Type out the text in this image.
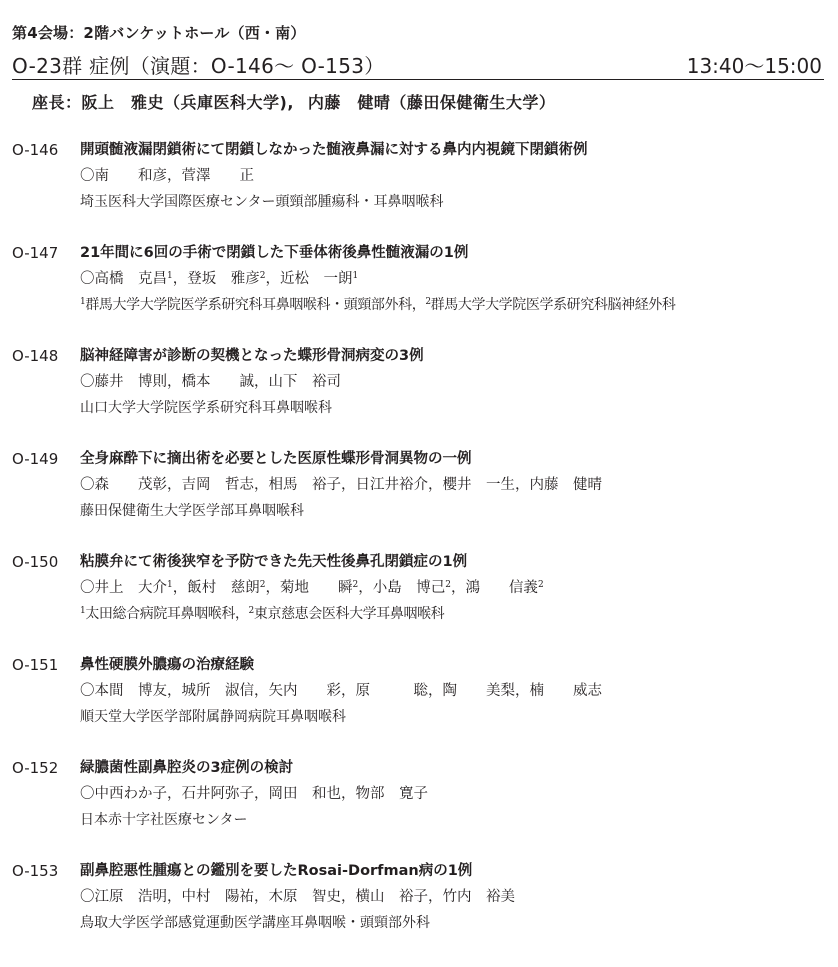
第4会場：2階バンケットホール（西・南）
O-23群 症例（演題：O-146〜 O-153）	13:40〜15:00
座長：阪上　雅史（兵庫医科大学), 内藤　健晴（藤田保健衛生大学）
O-146 開頭髄液漏閉鎖術にて閉鎖しなかった髄液鼻漏に対する鼻内内視鏡下閉鎖術例
〇南　　和彦，菅澤　　正
埼玉医科大学国際医療センター頭頸部腫瘍科・耳鼻咽喉科
O-147 21年間に6回の手術で閉鎖した下垂体術後鼻性髄液漏の1例
〇高橋　克昌$^1$，登坂　雅彦$^2$，近松　一朗$^1$
$^1$群馬大学大学院医学系研究科耳鼻咽喉科・頭頸部外科，$^2$群馬大学大学院医学系研究科脳神経外科
O-148 脳神経障害が診断の契機となった蝶形骨洞病変の3例
〇藤井　博則，橋本　　誠，山下　裕司
山口大学大学院医学系研究科耳鼻咽喉科
O-149 全身麻酔下に摘出術を必要とした医原性蝶形骨洞異物の一例
〇森　　茂彰，吉岡　哲志，相馬　裕子，日江井裕介，櫻井　一生，内藤　健晴
藤田保健衛生大学医学部耳鼻咽喉科
O-150 粘膜弁にて術後狭窄を予防できた先天性後鼻孔閉鎖症の1例
〇井上　大介$^1$，飯村　慈朗$^2$，菊地　　瞬$^2$，小島　博己$^2$，鴻　　信義$^2$
$^1$太田総合病院耳鼻咽喉科，$^2$東京慈恵会医科大学耳鼻咽喉科
O-151 鼻性硬膜外膿瘍の治療経験
〇本間　博友，城所　淑信，矢内　　彩，原　　　聡，陶　　美梨，楠　　威志
順天堂大学医学部附属静岡病院耳鼻咽喉科
O-152 緑膿菌性副鼻腔炎の3症例の検討
〇中西わか子，石井阿弥子，岡田　和也，物部　寛子
日本赤十字社医療センター
O-153 副鼻腔悪性腫瘍との鑑別を要したRosai-Dorfman病の1例
〇江原　浩明，中村　陽祐，木原　智史，横山　裕子，竹内　裕美
鳥取大学医学部感覚運動医学講座耳鼻咽喉・頭頸部外科
